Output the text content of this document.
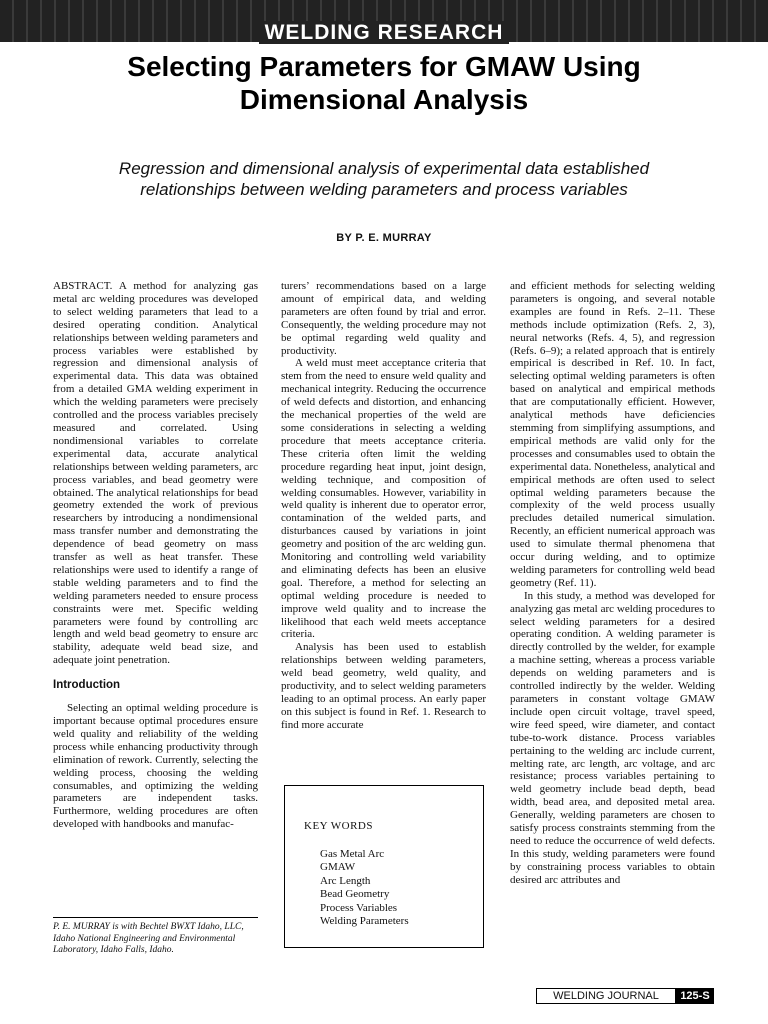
WELDING RESEARCH
Selecting Parameters for GMAW Using
Dimensional Analysis
Regression and dimensional analysis of experimental data established
relationships between welding parameters and process variables
BY P. E. MURRAY

ABSTRACT. A method for analyzing gas metal arc welding procedures was developed to select welding parameters that lead to a desired operating condition. Analytical relationships between welding parameters and process variables were established by regression and dimensional analysis of experimental data. This data was obtained from a detailed GMA welding experiment in which the welding parameters were precisely controlled and the process variables precisely measured and correlated. Using nondimensional variables to correlate experimental data, accurate analytical relationships between welding parameters, arc process variables, and bead geometry were obtained. The analytical relationships for bead geometry extended the work of previous researchers by introducing a nondimensional mass transfer number and demonstrating the dependence of bead geometry on mass transfer as well as heat transfer. These relationships were used to identify a range of stable welding parameters and to find the welding parameters needed to ensure process constraints were met. Specific welding parameters were found by controlling arc length and weld bead geometry to ensure arc stability, adequate weld bead size, and adequate joint penetration.

Introduction

Selecting an optimal welding procedure is important because optimal procedures ensure weld quality and reliability of the welding process while enhancing productivity through elimination of rework. Currently, selecting the welding process, choosing the welding consumables, and optimizing the welding parameters are independent tasks. Furthermore, welding procedures are often developed with handbooks and manufac-

turers’ recommendations based on a large amount of empirical data, and welding parameters are often found by trial and error. Consequently, the welding procedure may not be optimal regarding weld quality and productivity.

A weld must meet acceptance criteria that stem from the need to ensure weld quality and mechanical integrity. Reducing the occurrence of weld defects and distortion, and enhancing the mechanical properties of the weld are some considerations in selecting a welding procedure that meets acceptance criteria. These criteria often limit the welding procedure regarding heat input, joint design, welding technique, and composition of welding consumables. However, variability in weld quality is inherent due to operator error, contamination of the welded parts, and disturbances caused by variations in joint geometry and position of the arc welding gun. Monitoring and controlling weld variability and eliminating defects has been an elusive goal. Therefore, a method for selecting an optimal welding procedure is needed to improve weld quality and to increase the likelihood that each weld meets acceptance criteria.

Analysis has been used to establish relationships between welding parameters, weld bead geometry, weld quality, and productivity, and to select welding parameters leading to an optimal process. An early paper on this subject is found in Ref. 1. Research to find more accurate

and efficient methods for selecting welding parameters is ongoing, and several notable examples are found in Refs. 2–11. These methods include optimization (Refs. 2, 3), neural networks (Refs. 4, 5), and regression (Refs. 6–9); a related approach that is entirely empirical is described in Ref. 10. In fact, selecting optimal welding parameters is often based on analytical and empirical methods that are computationally efficient. However, analytical methods have deficiencies stemming from simplifying assumptions, and empirical methods are valid only for the processes and consumables used to obtain the experimental data. Nonetheless, analytical and empirical methods are often used to select optimal welding parameters because the complexity of the weld process usually precludes detailed numerical simulation. Recently, an efficient numerical approach was used to simulate thermal phenomena that occur during welding, and to optimize welding parameters for controlling weld bead geometry (Ref. 11).

In this study, a method was developed for analyzing gas metal arc welding procedures to select welding parameters for a desired operating condition. A welding parameter is directly controlled by the welder, for example a machine setting, whereas a process variable depends on welding parameters and is controlled indirectly by the welder. Welding parameters in constant voltage GMAW include open circuit voltage, travel speed, wire feed speed, wire diameter, and contact tube-to-work distance. Process variables pertaining to the welding arc include current, melting rate, arc length, arc voltage, and arc resistance; process variables pertaining to weld geometry include bead depth, bead width, bead area, and deposited metal area. Generally, welding parameters are chosen to satisfy process constraints stemming from the need to reduce the occurrence of weld defects. In this study, welding parameters were found by constraining process variables to obtain desired arc attributes and

KEY WORDS
Gas Metal Arc
GMAW
Arc Length
Bead Geometry
Process Variables
Welding Parameters
P. E. MURRAY is with Bechtel BWXT Idaho, LLC, Idaho National Engineering and Environmental Laboratory, Idaho Falls, Idaho.
WELDING JOURNAL	125-S
